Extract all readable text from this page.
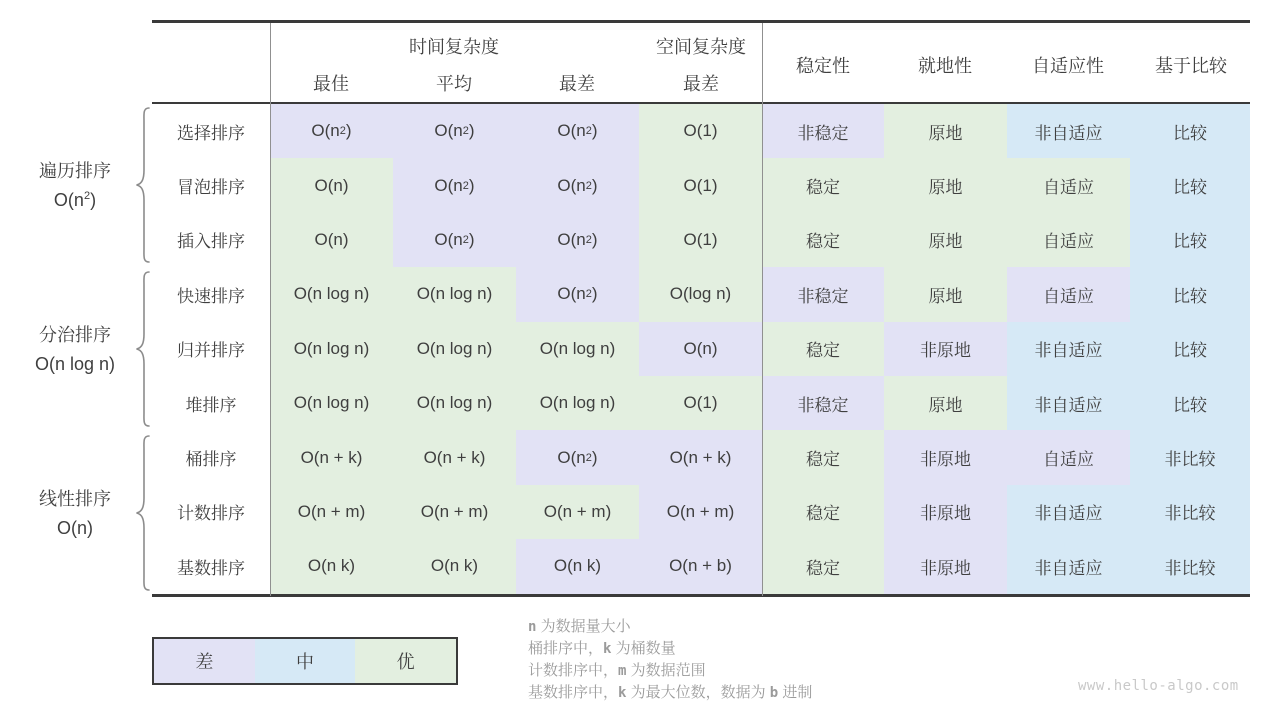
遍历排序
$O(n^2)$
分治排序
O(n log n)
线性排序
O(n)
时间复杂度	空间复杂度
最佳	平均	最差	最差
稳定性	就地性	自适应性	基于比较
选择排序	O(n 2 )	O(n 2 )	O(n 2 )	O(1)	非稳定	原地	非自适应	比较
冒泡排序	O(n)	O(n 2 )	O(n 2 )	O(1)	稳定	原地	自适应	比较
插入排序	O(n)	O(n 2 )	O(n 2 )	O(1)	稳定	原地	自适应	比较
快速排序	O(n log n)	O(n log n)	O(n 2 )	O(log n)	非稳定	原地	自适应	比较
归并排序	O(n log n)	O(n log n)	O(n log n)	O(n)	稳定	非原地	非自适应	比较
堆排序	O(n log n)	O(n log n)	O(n log n)	O(1)	非稳定	原地	非自适应	比较
桶排序	O(n + k)	O(n + k)	O(n 2 )	O(n + k)	稳定	非原地	自适应	非比较
计数排序	O(n + m)	O(n + m)	O(n + m)	O(n + m)	稳定	非原地	非自适应	非比较
基数排序	O(n k)	O(n k)	O(n k)	O(n + b)	稳定	非原地	非自适应	非比较
差	中	优
n 为数据量大小
桶排序中，k 为桶数量
计数排序中，m 为数据范围
基数排序中，k 为最大位数，数据为 b 进制	www.hello-algo.com
